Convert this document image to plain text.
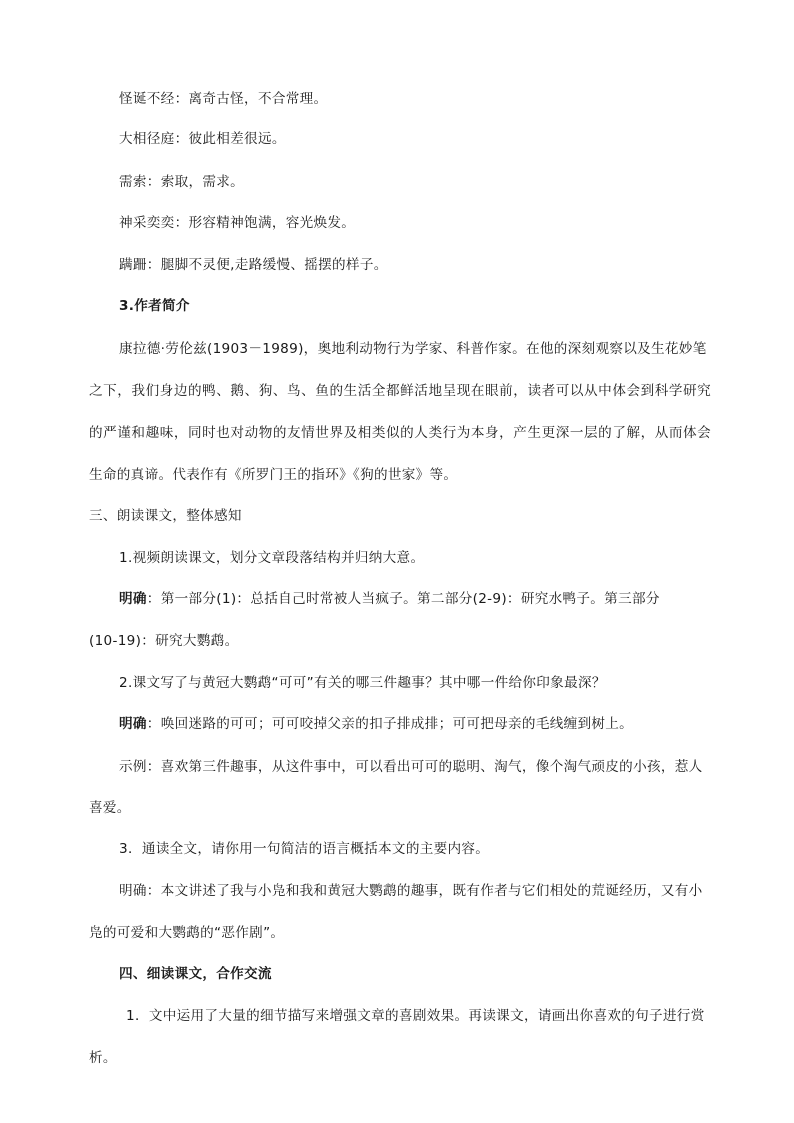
怪诞不经：离奇古怪，不合常理。
大相径庭：彼此相差很远。
需索：索取，需求。
神采奕奕：形容精神饱满，容光焕发。
蹒跚：腿脚不灵便,走路缓慢、摇摆的样子。
3.作者简介
康拉德·劳伦兹(1903－1989)，奥地利动物行为学家、科普作家。在他的深刻观察以及生花妙笔
之下，我们身边的鸭、鹅、狗、鸟、鱼的生活全都鲜活地呈现在眼前，读者可以从中体会到科学研究
的严谨和趣味，同时也对动物的友情世界及相类似的人类行为本身，产生更深一层的了解，从而体会
生命的真谛。代表作有《所罗门王的指环》《狗的世家》等。
三、朗读课文，整体感知
1.视频朗读课文，划分文章段落结构并归纳大意。
明确：第一部分(1)：总括自己时常被人当疯子。第二部分(2-9)：研究水鸭子。第三部分
(10-19)：研究大鹦鹉。
2.课文写了与黄冠大鹦鹉“可可”有关的哪三件趣事？其中哪一件给你印象最深？
明确：唤回迷路的可可；可可咬掉父亲的扣子排成排；可可把母亲的毛线缠到树上。
示例：喜欢第三件趣事，从这件事中，可以看出可可的聪明、淘气，像个淘气顽皮的小孩，惹人
喜爱。
3．通读全文，请你用一句简洁的语言概括本文的主要内容。
明确：本文讲述了我与小凫和我和黄冠大鹦鹉的趣事，既有作者与它们相处的荒诞经历，又有小
凫的可爱和大鹦鹉的“恶作剧”。
四、细读课文，合作交流
1．文中运用了大量的细节描写来增强文章的喜剧效果。再读课文，请画出你喜欢的句子进行赏
析。
